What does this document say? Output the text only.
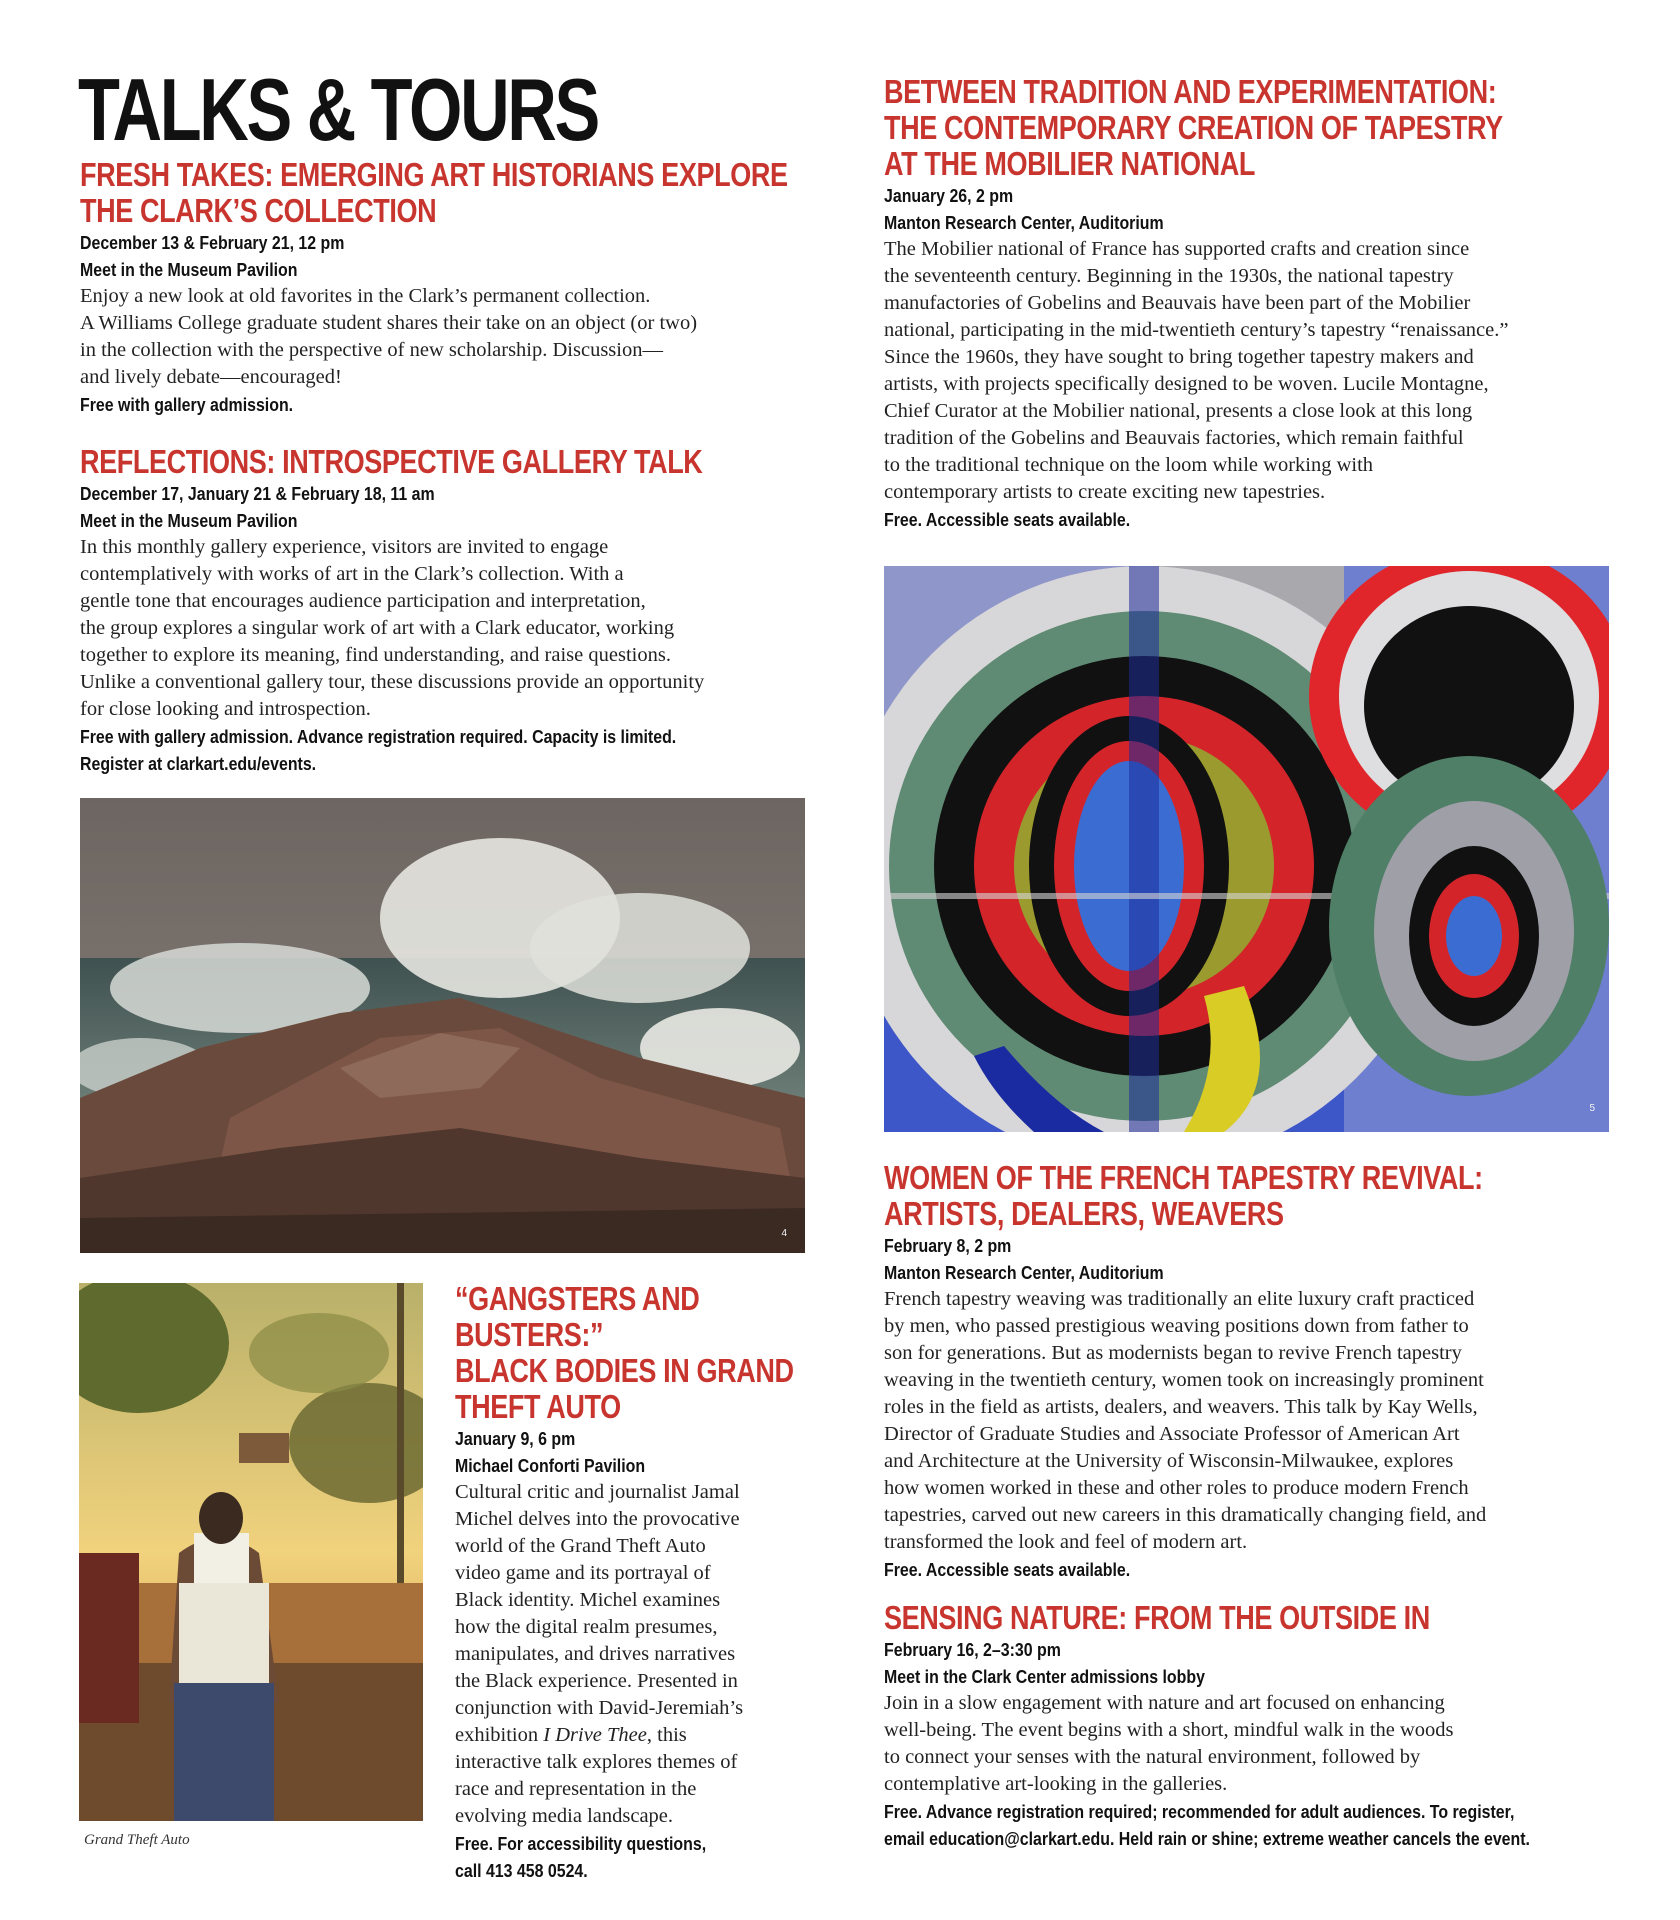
TALKS & TOURS
FRESH TAKES: EMERGING ART HISTORIANS EXPLORE
THE CLARK’S COLLECTION
December 13 & February 21, 12 pm
Meet in the Museum Pavilion
Enjoy a new look at old favorites in the Clark’s permanent collection.
A Williams College graduate student shares their take on an object (or two)
in the collection with the perspective of new scholarship. Discussion—
and lively debate—encouraged!
Free with gallery admission.
REFLECTIONS: INTROSPECTIVE GALLERY TALK
December 17, January 21 & February 18, 11 am
Meet in the Museum Pavilion
In this monthly gallery experience, visitors are invited to engage
contemplatively with works of art in the Clark’s collection. With a
gentle tone that encourages audience participation and interpretation,
the group explores a singular work of art with a Clark educator, working
together to explore its meaning, find understanding, and raise questions.
Unlike a conventional gallery tour, these discussions provide an opportunity
for close looking and introspection.
Free with gallery admission. Advance registration required. Capacity is limited.
Register at clarkart.edu/events.
4
Grand Theft Auto
“GANGSTERS AND BUSTERS:”
BLACK BODIES IN GRAND
THEFT AUTO
January 9, 6 pm
Michael Conforti Pavilion
Cultural critic and journalist Jamal
Michel delves into the provocative
world of the Grand Theft Auto
video game and its portrayal of
Black identity. Michel examines
how the digital realm presumes,
manipulates, and drives narratives
the Black experience. Presented in
conjunction with David-Jeremiah’s
exhibition I Drive Thee, this
interactive talk explores themes of
race and representation in the
evolving media landscape.
Free. For accessibility questions,
call 413 458 0524.
BETWEEN TRADITION AND EXPERIMENTATION:
THE CONTEMPORARY CREATION OF TAPESTRY
AT THE MOBILIER NATIONAL
January 26, 2 pm
Manton Research Center, Auditorium
The Mobilier national of France has supported crafts and creation since
the seventeenth century. Beginning in the 1930s, the national tapestry
manufactories of Gobelins and Beauvais have been part of the Mobilier
national, participating in the mid-twentieth century’s tapestry “renaissance.”
Since the 1960s, they have sought to bring together tapestry makers and
artists, with projects specifically designed to be woven. Lucile Montagne,
Chief Curator at the Mobilier national, presents a close look at this long
tradition of the Gobelins and Beauvais factories, which remain faithful
to the traditional technique on the loom while working with
contemporary artists to create exciting new tapestries.
Free. Accessible seats available.
5
WOMEN OF THE FRENCH TAPESTRY REVIVAL:
ARTISTS, DEALERS, WEAVERS
February 8, 2 pm
Manton Research Center, Auditorium
French tapestry weaving was traditionally an elite luxury craft practiced
by men, who passed prestigious weaving positions down from father to
son for generations. But as modernists began to revive French tapestry
weaving in the twentieth century, women took on increasingly prominent
roles in the field as artists, dealers, and weavers. This talk by Kay Wells,
Director of Graduate Studies and Associate Professor of American Art
and Architecture at the University of Wisconsin-Milwaukee, explores
how women worked in these and other roles to produce modern French
tapestries, carved out new careers in this dramatically changing field, and
transformed the look and feel of modern art.
Free. Accessible seats available.
SENSING NATURE: FROM THE OUTSIDE IN
February 16, 2–3:30 pm
Meet in the Clark Center admissions lobby
Join in a slow engagement with nature and art focused on enhancing
well-being. The event begins with a short, mindful walk in the woods
to connect your senses with the natural environment, followed by
contemplative art-looking in the galleries.
Free. Advance registration required; recommended for adult audiences. To register,
email education@clarkart.edu. Held rain or shine; extreme weather cancels the event.
